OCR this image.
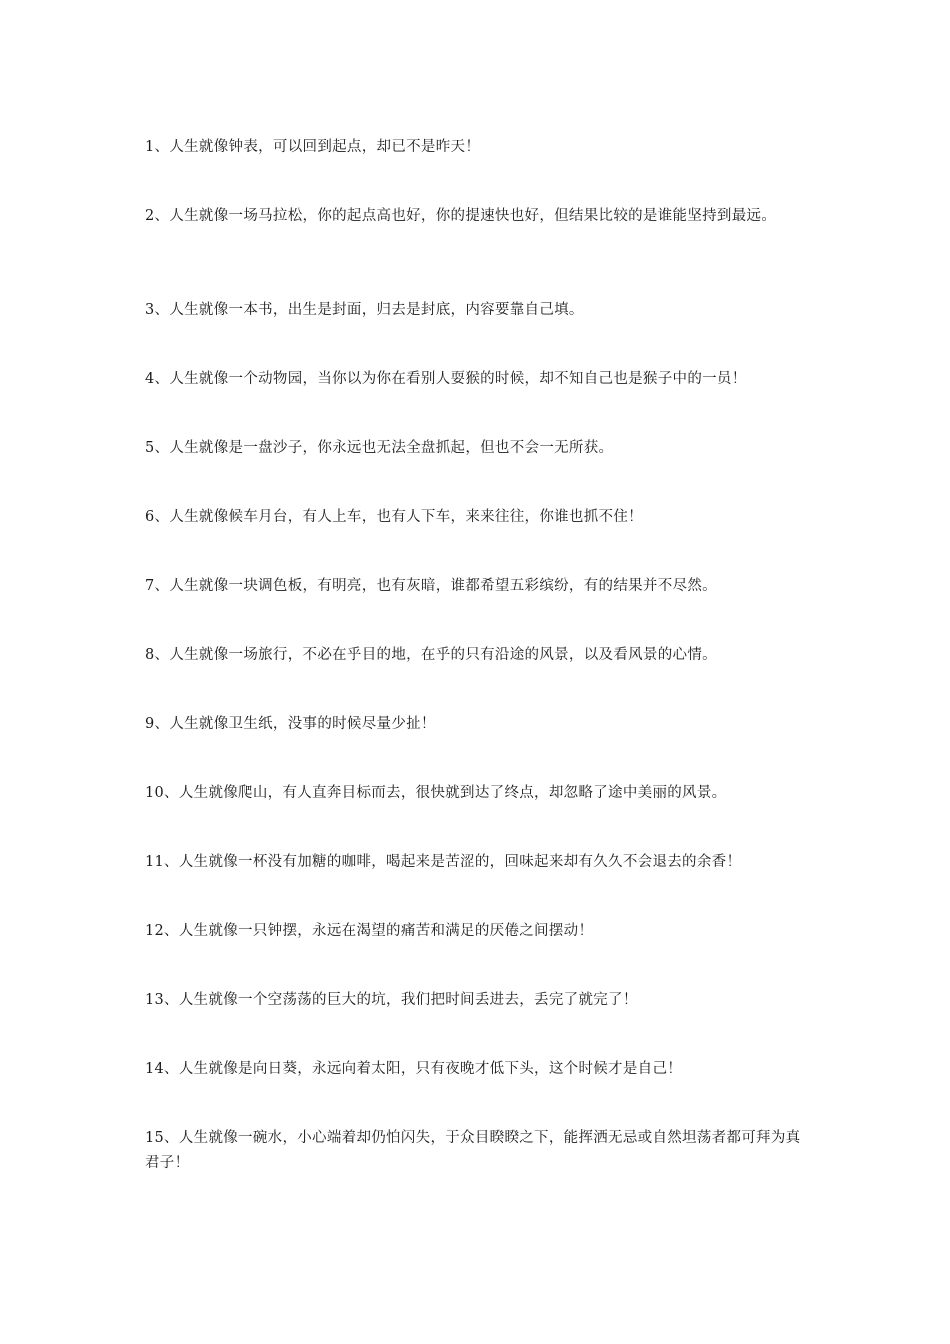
1、人生就像钟表，可以回到起点，却已不是昨天！

2、人生就像一场马拉松，你的起点高也好，你的提速快也好，但结果比较的是谁能坚持到最远。

3、人生就像一本书，出生是封面，归去是封底，内容要靠自己填。

4、人生就像一个动物园，当你以为你在看别人耍猴的时候，却不知自己也是猴子中的一员！

5、人生就像是一盘沙子，你永远也无法全盘抓起，但也不会一无所获。

6、人生就像候车月台，有人上车，也有人下车，来来往往，你谁也抓不住！

7、人生就像一块调色板，有明亮，也有灰暗，谁都希望五彩缤纷，有的结果并不尽然。

8、人生就像一场旅行，不必在乎目的地，在乎的只有沿途的风景，以及看风景的心情。

9、人生就像卫生纸，没事的时候尽量少扯！

10、人生就像爬山，有人直奔目标而去，很快就到达了终点，却忽略了途中美丽的风景。

11、人生就像一杯没有加糖的咖啡，喝起来是苦涩的，回味起来却有久久不会退去的余香！

12、人生就像一只钟摆，永远在渴望的痛苦和满足的厌倦之间摆动！

13、人生就像一个空荡荡的巨大的坑，我们把时间丢进去，丢完了就完了！

14、人生就像是向日葵，永远向着太阳，只有夜晚才低下头，这个时候才是自己！

15、人生就像一碗水，小心端着却仍怕闪失，于众目睽睽之下，能挥洒无忌或自然坦荡者都可拜为真君子！
